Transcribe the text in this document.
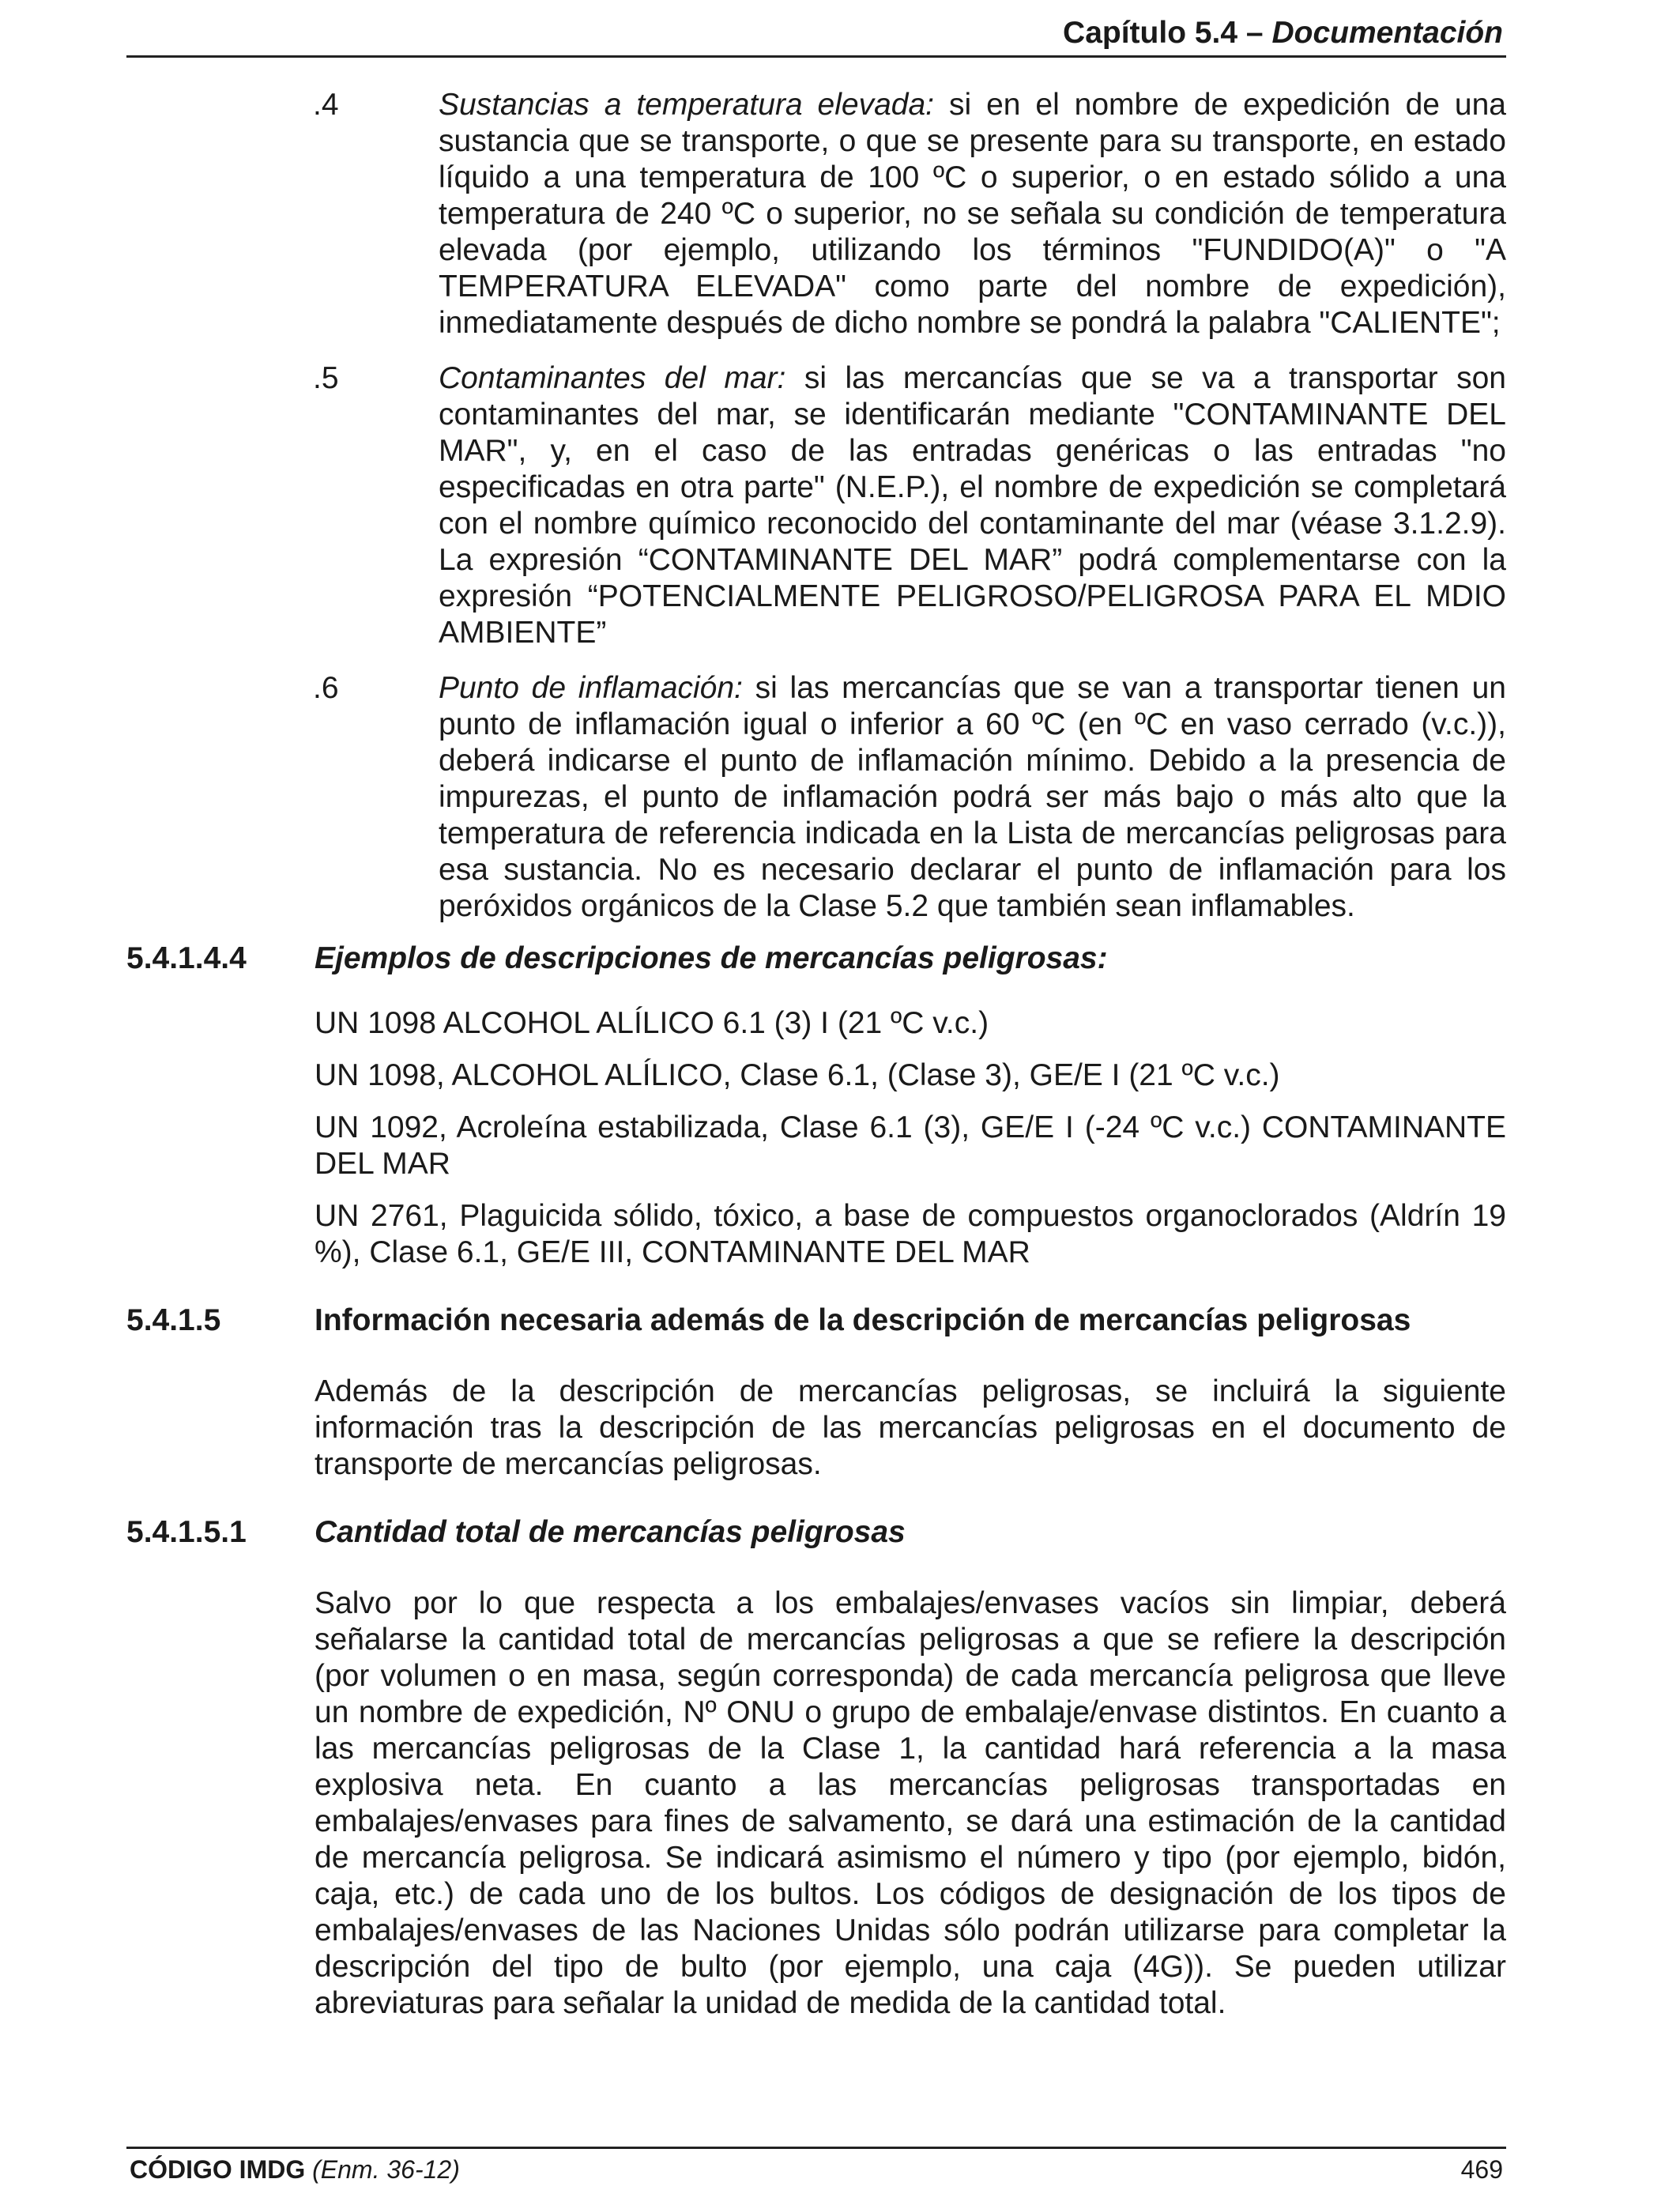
Capítulo 5.4 – Documentación
.4	Sustancias a temperatura elevada: si en el nombre de expedición de una sustancia que se transporte, o que se presente para su transporte, en estado líquido a una temperatura de 100 ºC o superior, o en estado sólido a una temperatura de 240 ºC o superior, no se señala su condición de temperatura elevada (por ejemplo, utilizando los términos "FUNDIDO(A)" o "A TEMPERATURA ELEVADA" como parte del nombre de expedición), inmediatamente después de dicho nombre se pondrá la palabra "CALIENTE";

.5	Contaminantes del mar: si las mercancías que se va a transportar son contaminantes del mar, se identificarán mediante "CONTAMINANTE DEL MAR", y, en el caso de las entradas genéricas o las entradas "no especificadas en otra parte" (N.E.P.), el nombre de expedición se completará con el nombre químico reconocido del contaminante del mar (véase 3.1.2.9). La expresión “CONTAMINANTE DEL MAR” podrá complementarse con la expresión “POTENCIALMENTE PELIGROSO/PELIGROSA PARA EL MDIO AMBIENTE”

.6	Punto de inflamación: si las mercancías que se van a transportar tienen un punto de inflamación igual o inferior a 60 ºC (en ºC en vaso cerrado (v.c.)), deberá indicarse el punto de inflamación mínimo. Debido a la presencia de impurezas, el punto de inflamación podrá ser más bajo o más alto que la temperatura de referencia indicada en la Lista de mercancías peligrosas para esa sustancia. No es necesario declarar el punto de inflamación para los peróxidos orgánicos de la Clase 5.2 que también sean inflamables.

5.4.1.4.4 Ejemplos de descripciones de mercancías peligrosas:

UN 1098 ALCOHOL ALÍLICO 6.1 (3) I (21 ºC v.c.)

UN 1098, ALCOHOL ALÍLICO, Clase 6.1, (Clase 3), GE/E I (21 ºC v.c.)

UN 1092, Acroleína estabilizada, Clase 6.1 (3), GE/E I (-24 ºC v.c.) CONTAMINANTE DEL MAR

UN 2761, Plaguicida sólido, tóxico, a base de compuestos organoclorados (Aldrín 19 %), Clase 6.1, GE/E III, CONTAMINANTE DEL MAR

5.4.1.5	Información necesaria además de la descripción de mercancías peligrosas

Además de la descripción de mercancías peligrosas, se incluirá la siguiente información tras la descripción de las mercancías peligrosas en el documento de transporte de mercancías peligrosas.

5.4.1.5.1 Cantidad total de mercancías peligrosas

Salvo por lo que respecta a los embalajes/envases vacíos sin limpiar, deberá señalarse la cantidad total de mercancías peligrosas a que se refiere la descripción (por volumen o en masa, según corresponda) de cada mercancía peligrosa que lleve un nombre de expedición, Nº ONU o grupo de embalaje/envase distintos. En cuanto a las mercancías peligrosas de la Clase 1, la cantidad hará referencia a la masa explosiva neta. En cuanto a las mercancías peligrosas transportadas en embalajes/envases para fines de salvamento, se dará una estimación de la cantidad de mercancía peligrosa. Se indicará asimismo el número y tipo (por ejemplo, bidón, caja, etc.) de cada uno de los bultos. Los códigos de designación de los tipos de embalajes/envases de las Naciones Unidas sólo podrán utilizarse para completar la descripción del tipo de bulto (por ejemplo, una caja (4G)). Se pueden utilizar abreviaturas para señalar la unidad de medida de la cantidad total.

CÓDIGO IMDG (Enm. 36-12)	469
